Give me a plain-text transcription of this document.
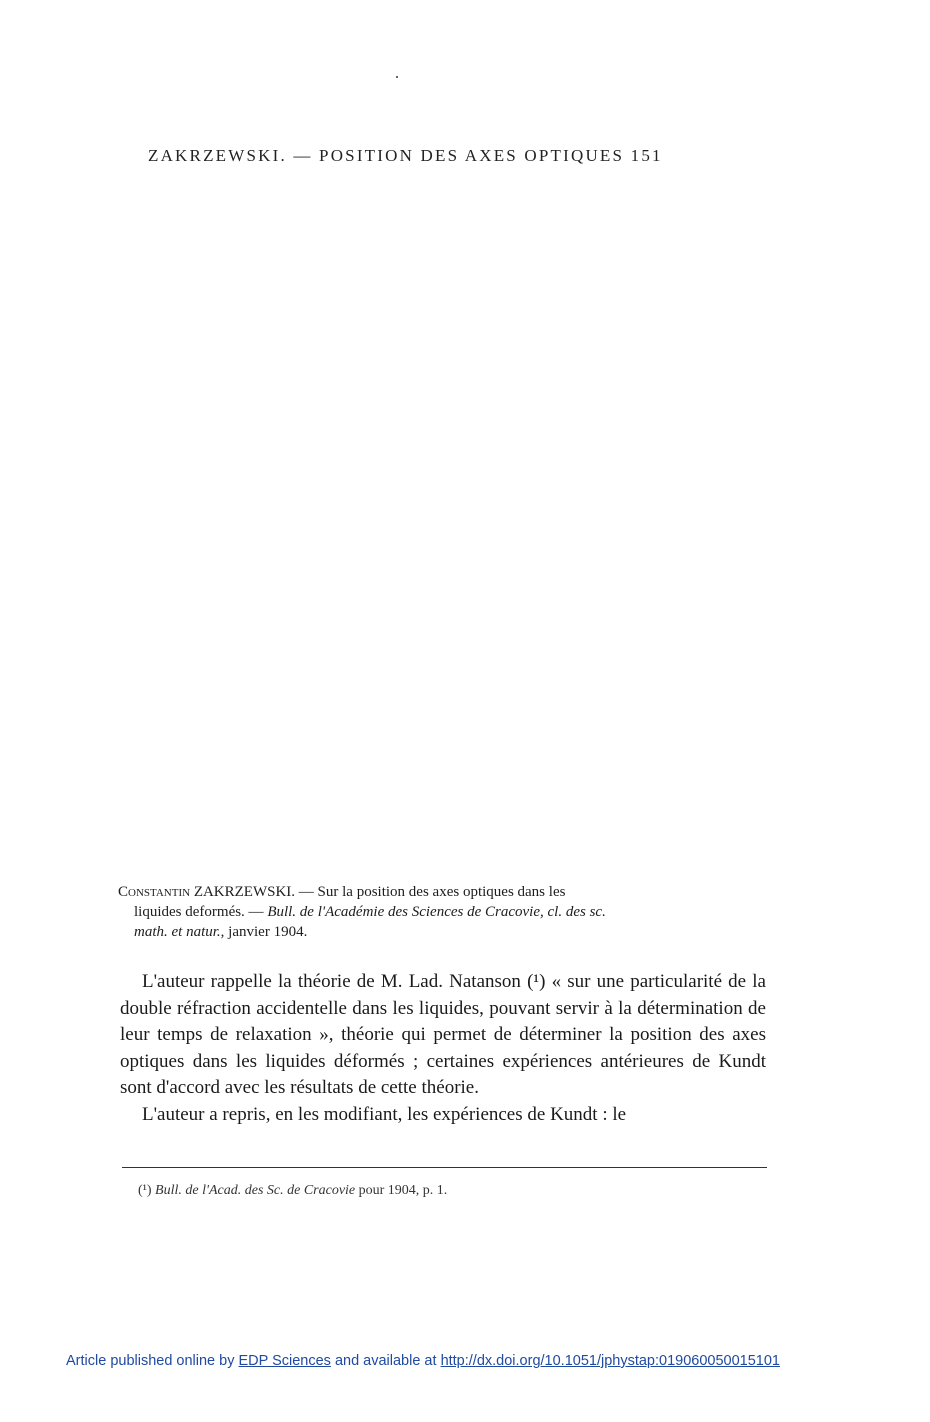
ZAKRZEWSKI. — POSITION DES AXES OPTIQUES 151
Constantin ZAKRZEWSKI. — Sur la position des axes optiques dans les
liquides deformés. — Bull. de l'Académie des Sciences de Cracovie, cl. des sc.
math. et natur., janvier 1904.

L'auteur rappelle la théorie de M. Lad. Natanson (¹) « sur une particularité de la double réfraction accidentelle dans les liquides, pouvant servir à la détermination de leur temps de relaxation », théorie qui permet de déterminer la position des axes optiques dans les liquides déformés ; certaines expériences antérieures de Kundt sont d'accord avec les résultats de cette théorie.

L'auteur a repris, en les modifiant, les expériences de Kundt : le

(¹) Bull. de l'Acad. des Sc. de Cracovie pour 1904, p. 1.
Article published online by EDP Sciences and available at http://dx.doi.org/10.1051/jphystap:019060050015101
